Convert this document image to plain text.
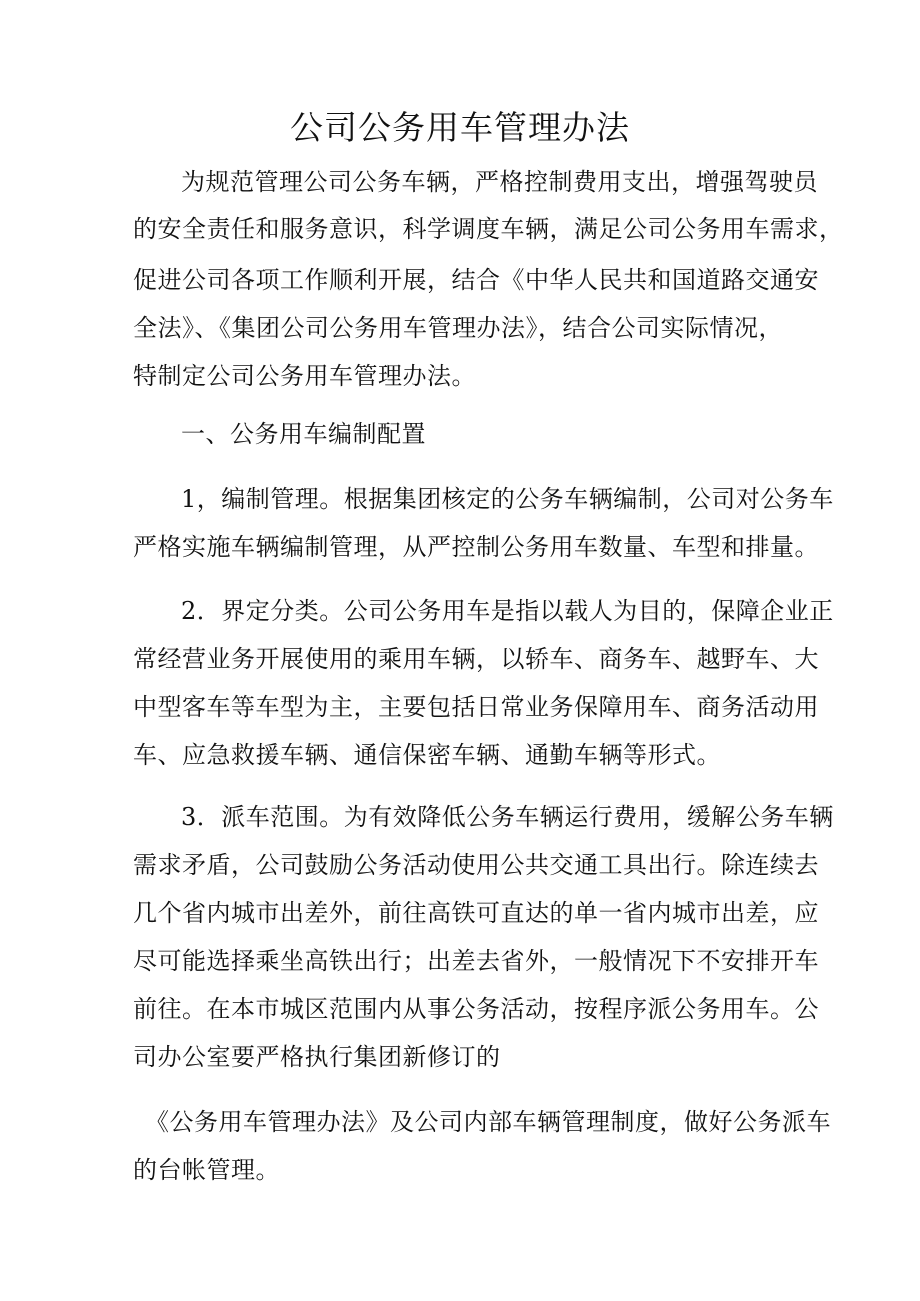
公司公务用车管理办法
为规范管理公司公务车辆，严格控制费用支出，增强驾驶员
的安全责任和服务意识，科学调度车辆，满足公司公务用车需求，
促进公司各项工作顺利开展，结合《中华人民共和国道路交通安
全法》、《集团公司公务用车管理办法》，结合公司实际情况，
特制定公司公务用车管理办法。
一、公务用车编制配置
1，编制管理。根据集团核定的公务车辆编制，公司对公务车
严格实施车辆编制管理，从严控制公务用车数量、车型和排量。
2．界定分类。公司公务用车是指以载人为目的，保障企业正
常经营业务开展使用的乘用车辆，以轿车、商务车、越野车、大
中型客车等车型为主，主要包括日常业务保障用车、商务活动用
车、应急救援车辆、通信保密车辆、通勤车辆等形式。
3．派车范围。为有效降低公务车辆运行费用，缓解公务车辆
需求矛盾，公司鼓励公务活动使用公共交通工具出行。除连续去
几个省内城市出差外，前往高铁可直达的单一省内城市出差，应
尽可能选择乘坐高铁出行；出差去省外，一般情况下不安排开车
前往。在本市城区范围内从事公务活动，按程序派公务用车。公
司办公室要严格执行集团新修订的
《公务用车管理办法》及公司内部车辆管理制度，做好公务派车
的台帐管理。
